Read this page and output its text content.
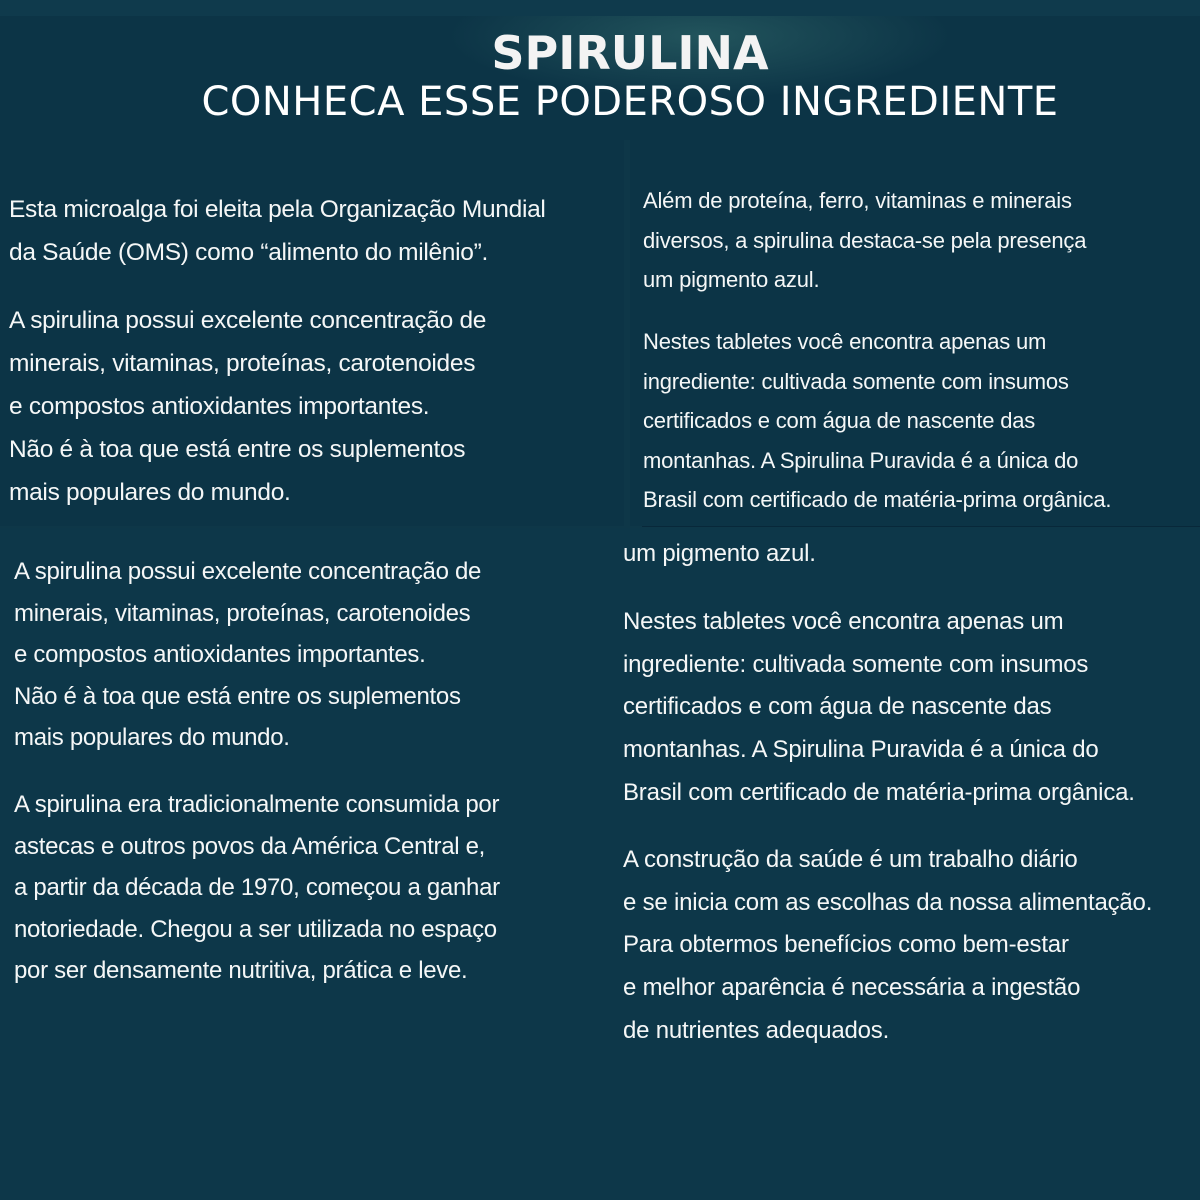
SPIRULINA
CONHECA ESSE PODEROSO INGREDIENTE

Esta microalga foi eleita pela Organização Mundial
da Saúde (OMS) como “alimento do milênio”.

A spirulina possui excelente concentração de
minerais, vitaminas, proteínas, carotenoides
e compostos antioxidantes importantes.
Não é à toa que está entre os suplementos
mais populares do mundo.

Além de proteína, ferro, vitaminas e minerais
diversos, a spirulina destaca-se pela presença
um pigmento azul.

Nestes tabletes você encontra apenas um
ingrediente: cultivada somente com insumos
certificados e com água de nascente das
montanhas. A Spirulina Puravida é a única do
Brasil com certificado de matéria-prima orgânica.

A spirulina possui excelente concentração de
minerais, vitaminas, proteínas, carotenoides
e compostos antioxidantes importantes.
Não é à toa que está entre os suplementos
mais populares do mundo.

A spirulina era tradicionalmente consumida por
astecas e outros povos da América Central e,
a partir da década de 1970, começou a ganhar
notoriedade. Chegou a ser utilizada no espaço
por ser densamente nutritiva, prática e leve.

um pigmento azul.

Nestes tabletes você encontra apenas um
ingrediente: cultivada somente com insumos
certificados e com água de nascente das
montanhas. A Spirulina Puravida é a única do
Brasil com certificado de matéria-prima orgânica.

A construção da saúde é um trabalho diário
e se inicia com as escolhas da nossa alimentação.
Para obtermos benefícios como bem-estar
e melhor aparência é necessária a ingestão
de nutrientes adequados.
